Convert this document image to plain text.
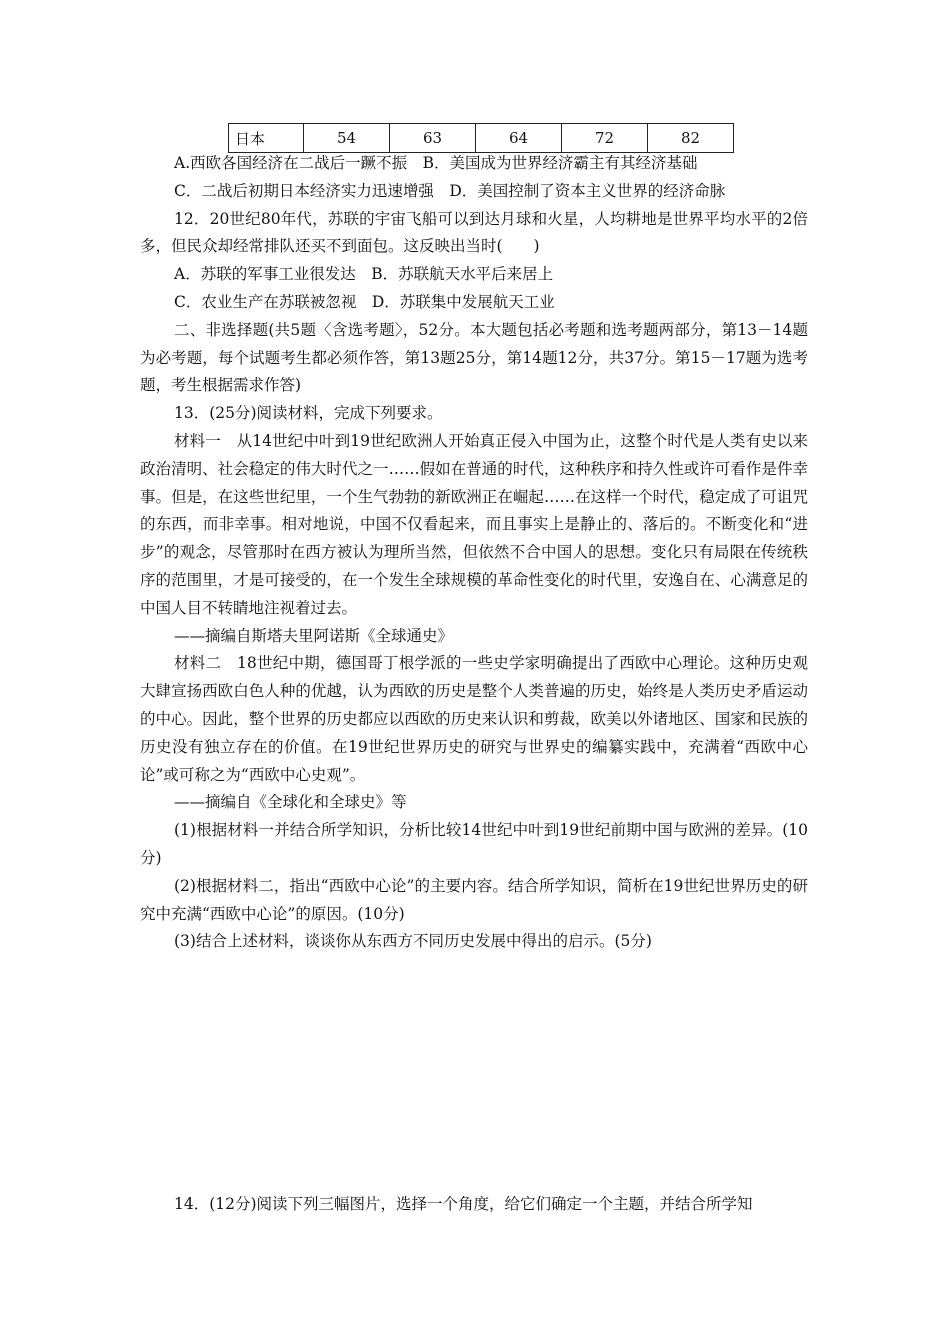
日本	54	63	64	72	82

A.西欧各国经济在二战后一蹶不振　B．美国成为世界经济霸主有其经济基础

C．二战后初期日本经济实力迅速增强　D．美国控制了资本主义世界的经济命脉

12．20世纪80年代，苏联的宇宙飞船可以到达月球和火星，人均耕地是世界平均水平的2倍多，但民众却经常排队还买不到面包。这反映出当时(　　)

A．苏联的军事工业很发达　B．苏联航天水平后来居上

C．农业生产在苏联被忽视　D．苏联集中发展航天工业

二、非选择题(共5题〈含选考题〉，52分。本大题包括必考题和选考题两部分，第13－14题为必考题，每个试题考生都必须作答，第13题25分，第14题12分，共37分。第15－17题为选考题，考生根据需求作答)

13．(25分)阅读材料，完成下列要求。

材料一　从14世纪中叶到19世纪欧洲人开始真正侵入中国为止，这整个时代是人类有史以来政治清明、社会稳定的伟大时代之一……假如在普通的时代，这种秩序和持久性或许可看作是件幸事。但是，在这些世纪里，一个生气勃勃的新欧洲正在崛起……在这样一个时代，稳定成了可诅咒的东西，而非幸事。相对地说，中国不仅看起来，而且事实上是静止的、落后的。不断变化和“进步”的观念，尽管那时在西方被认为理所当然，但依然不合中国人的思想。变化只有局限在传统秩序的范围里，才是可接受的，在一个发生全球规模的革命性变化的时代里，安逸自在、心满意足的中国人目不转睛地注视着过去。

——摘编自斯塔夫里阿诺斯《全球通史》

材料二　18世纪中期，德国哥丁根学派的一些史学家明确提出了西欧中心理论。这种历史观大肆宣扬西欧白色人种的优越，认为西欧的历史是整个人类普遍的历史，始终是人类历史矛盾运动的中心。因此，整个世界的历史都应以西欧的历史来认识和剪裁，欧美以外诸地区、国家和民族的历史没有独立存在的价值。在19世纪世界历史的研究与世界史的编纂实践中，充满着“西欧中心论”或可称之为“西欧中心史观”。

——摘编自《全球化和全球史》等

(1)根据材料一并结合所学知识，分析比较14世纪中叶到19世纪前期中国与欧洲的差异。(10分)

(2)根据材料二，指出“西欧中心论”的主要内容。结合所学知识，简析在19世纪世界历史的研究中充满“西欧中心论”的原因。(10分)

(3)结合上述材料，谈谈你从东西方不同历史发展中得出的启示。(5分)

14．(12分)阅读下列三幅图片，选择一个角度，给它们确定一个主题，并结合所学知
